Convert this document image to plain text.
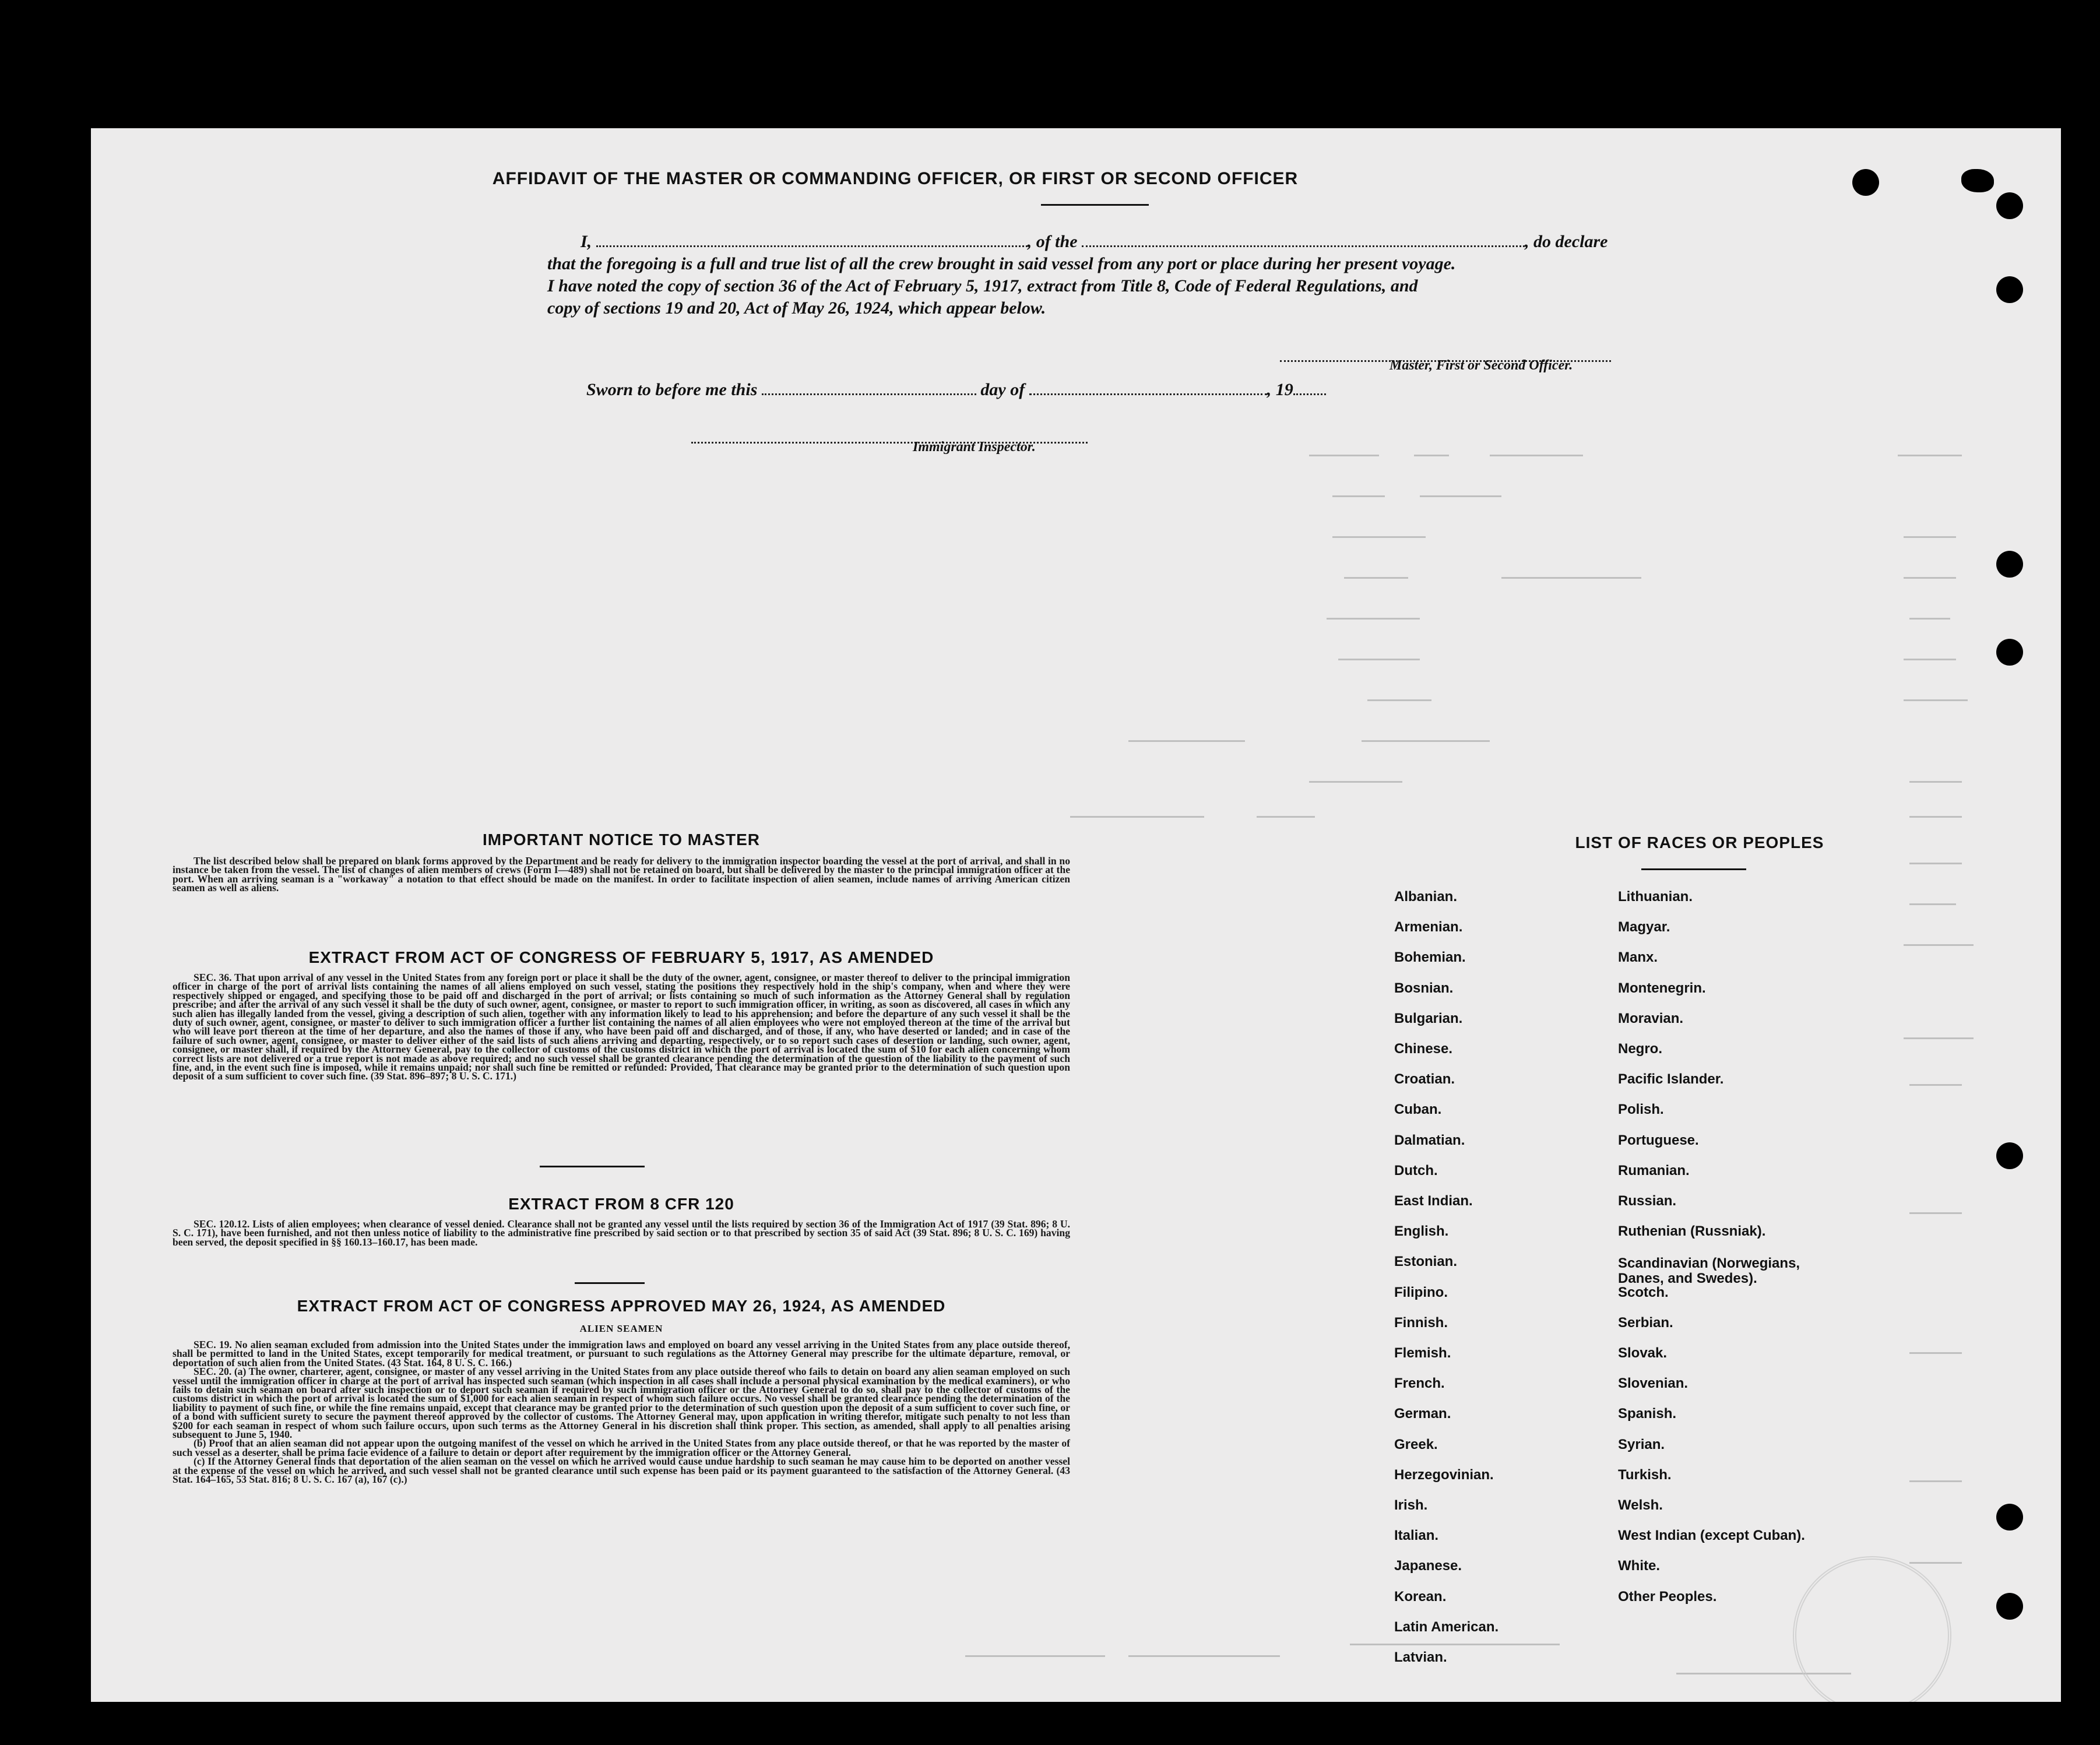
AFFIDAVIT OF THE MASTER OR COMMANDING OFFICER, OR FIRST OR SECOND OFFICER
I,	, of the	, do declare
that the foregoing is a full and true list of all the crew brought in said vessel from any port or place during her present voyage.
I have noted the copy of section 36 of the Act of February 5, 1917, extract from Title 8, Code of Federal Regulations, and
copy of sections 19 and 20, Act of May 26, 1924, which appear below.
Master, First or Second Officer.
Sworn to before me this	day of	, 19
Immigrant Inspector.
IMPORTANT NOTICE TO MASTER

The list described below shall be prepared on blank forms approved by the Department and be ready for delivery to the immigration inspector boarding the vessel at the port of arrival, and shall in no instance be taken from the vessel. The list of changes of alien members of crews (Form I—489) shall not be retained on board, but shall be delivered by the master to the principal immigration officer at the port. When an arriving seaman is a "workaway" a notation to that effect should be made on the manifest. In order to facilitate inspection of alien seamen, include names of arriving American citizen seamen as well as aliens.

EXTRACT FROM ACT OF CONGRESS OF FEBRUARY 5, 1917, AS AMENDED

SEC. 36. That upon arrival of any vessel in the United States from any foreign port or place it shall be the duty of the owner, agent, consignee, or master thereof to deliver to the principal immigration officer in charge of the port of arrival lists containing the names of all aliens employed on such vessel, stating the positions they respectively hold in the ship's company, when and where they were respectively shipped or engaged, and specifying those to be paid off and discharged in the port of arrival; or lists containing so much of such information as the Attorney General shall by regulation prescribe; and after the arrival of any such vessel it shall be the duty of such owner, agent, consignee, or master to report to such immigration officer, in writing, as soon as discovered, all cases in which any such alien has illegally landed from the vessel, giving a description of such alien, together with any information likely to lead to his apprehension; and before the departure of any such vessel it shall be the duty of such owner, agent, consignee, or master to deliver to such immigration officer a further list containing the names of all alien employees who were not employed thereon at the time of the arrival but who will leave port thereon at the time of her departure, and also the names of those if any, who have been paid off and discharged, and of those, if any, who have deserted or landed; and in case of the failure of such owner, agent, consignee, or master to deliver either of the said lists of such aliens arriving and departing, respectively, or to so report such cases of desertion or landing, such owner, agent, consignee, or master shall, if required by the Attorney General, pay to the collector of customs of the customs district in which the port of arrival is located the sum of $10 for each alien concerning whom correct lists are not delivered or a true report is not made as above required; and no such vessel shall be granted clearance pending the determination of the question of the liability to the payment of such fine, and, in the event such fine is imposed, while it remains unpaid; nor shall such fine be remitted or refunded: Provided, That clearance may be granted prior to the determination of such question upon deposit of a sum sufficient to cover such fine. (39 Stat. 896–897; 8 U. S. C. 171.)

EXTRACT FROM 8 CFR 120

SEC. 120.12. Lists of alien employees; when clearance of vessel denied. Clearance shall not be granted any vessel until the lists required by section 36 of the Immigration Act of 1917 (39 Stat. 896; 8 U. S. C. 171), have been furnished, and not then unless notice of liability to the administrative fine prescribed by said section or to that prescribed by section 35 of said Act (39 Stat. 896; 8 U. S. C. 169) having been served, the deposit specified in §§ 160.13–160.17, has been made.

EXTRACT FROM ACT OF CONGRESS APPROVED MAY 26, 1924, AS AMENDED
ALIEN SEAMEN

SEC. 19. No alien seaman excluded from admission into the United States under the immigration laws and employed on board any vessel arriving in the United States from any place outside thereof, shall be permitted to land in the United States, except temporarily for medical treatment, or pursuant to such regulations as the Attorney General may prescribe for the ultimate departure, removal, or deportation of such alien from the United States. (43 Stat. 164, 8 U. S. C. 166.)

SEC. 20. (a) The owner, charterer, agent, consignee, or master of any vessel arriving in the United States from any place outside thereof who fails to detain on board any alien seaman employed on such vessel until the immigration officer in charge at the port of arrival has inspected such seaman (which inspection in all cases shall include a personal physical examination by the medical examiners), or who fails to detain such seaman on board after such inspection or to deport such seaman if required by such immigration officer or the Attorney General to do so, shall pay to the collector of customs of the customs district in which the port of arrival is located the sum of $1,000 for each alien seaman in respect of whom such failure occurs. No vessel shall be granted clearance pending the determination of the liability to payment of such fine, or while the fine remains unpaid, except that clearance may be granted prior to the determination of such question upon the deposit of a sum sufficient to cover such fine, or of a bond with sufficient surety to secure the payment thereof approved by the collector of customs. The Attorney General may, upon application in writing therefor, mitigate such penalty to not less than $200 for each seaman in respect of whom such failure occurs, upon such terms as the Attorney General in his discretion shall think proper. This section, as amended, shall apply to all penalties arising subsequent to June 5, 1940.

(b) Proof that an alien seaman did not appear upon the outgoing manifest of the vessel on which he arrived in the United States from any place outside thereof, or that he was reported by the master of such vessel as a deserter, shall be prima facie evidence of a failure to detain or deport after requirement by the immigration officer or the Attorney General.

(c) If the Attorney General finds that deportation of the alien seaman on the vessel on which he arrived would cause undue hardship to such seaman he may cause him to be deported on another vessel at the expense of the vessel on which he arrived, and such vessel shall not be granted clearance until such expense has been paid or its payment guaranteed to the satisfaction of the Attorney General. (43 Stat. 164–165, 53 Stat. 816; 8 U. S. C. 167 (a), 167 (c).)

LIST OF RACES OR PEOPLES
Albanian.
Armenian.
Bohemian.
Bosnian.
Bulgarian.
Chinese.
Croatian.
Cuban.
Dalmatian.
Dutch.
East Indian.
English.
Estonian.
Filipino.
Finnish.
Flemish.
French.
German.
Greek.
Herzegovinian.
Irish.
Italian.
Japanese.
Korean.
Latin American.
Latvian.
Lithuanian.
Magyar.
Manx.
Montenegrin.
Moravian.
Negro.
Pacific Islander.
Polish.
Portuguese.
Rumanian.
Russian.
Ruthenian (Russniak).
Scandinavian (Norwegians, Danes, and Swedes).
Scotch.
Serbian.
Slovak.
Slovenian.
Spanish.
Syrian.
Turkish.
Welsh.
West Indian (except Cuban).
White.
Other Peoples.
